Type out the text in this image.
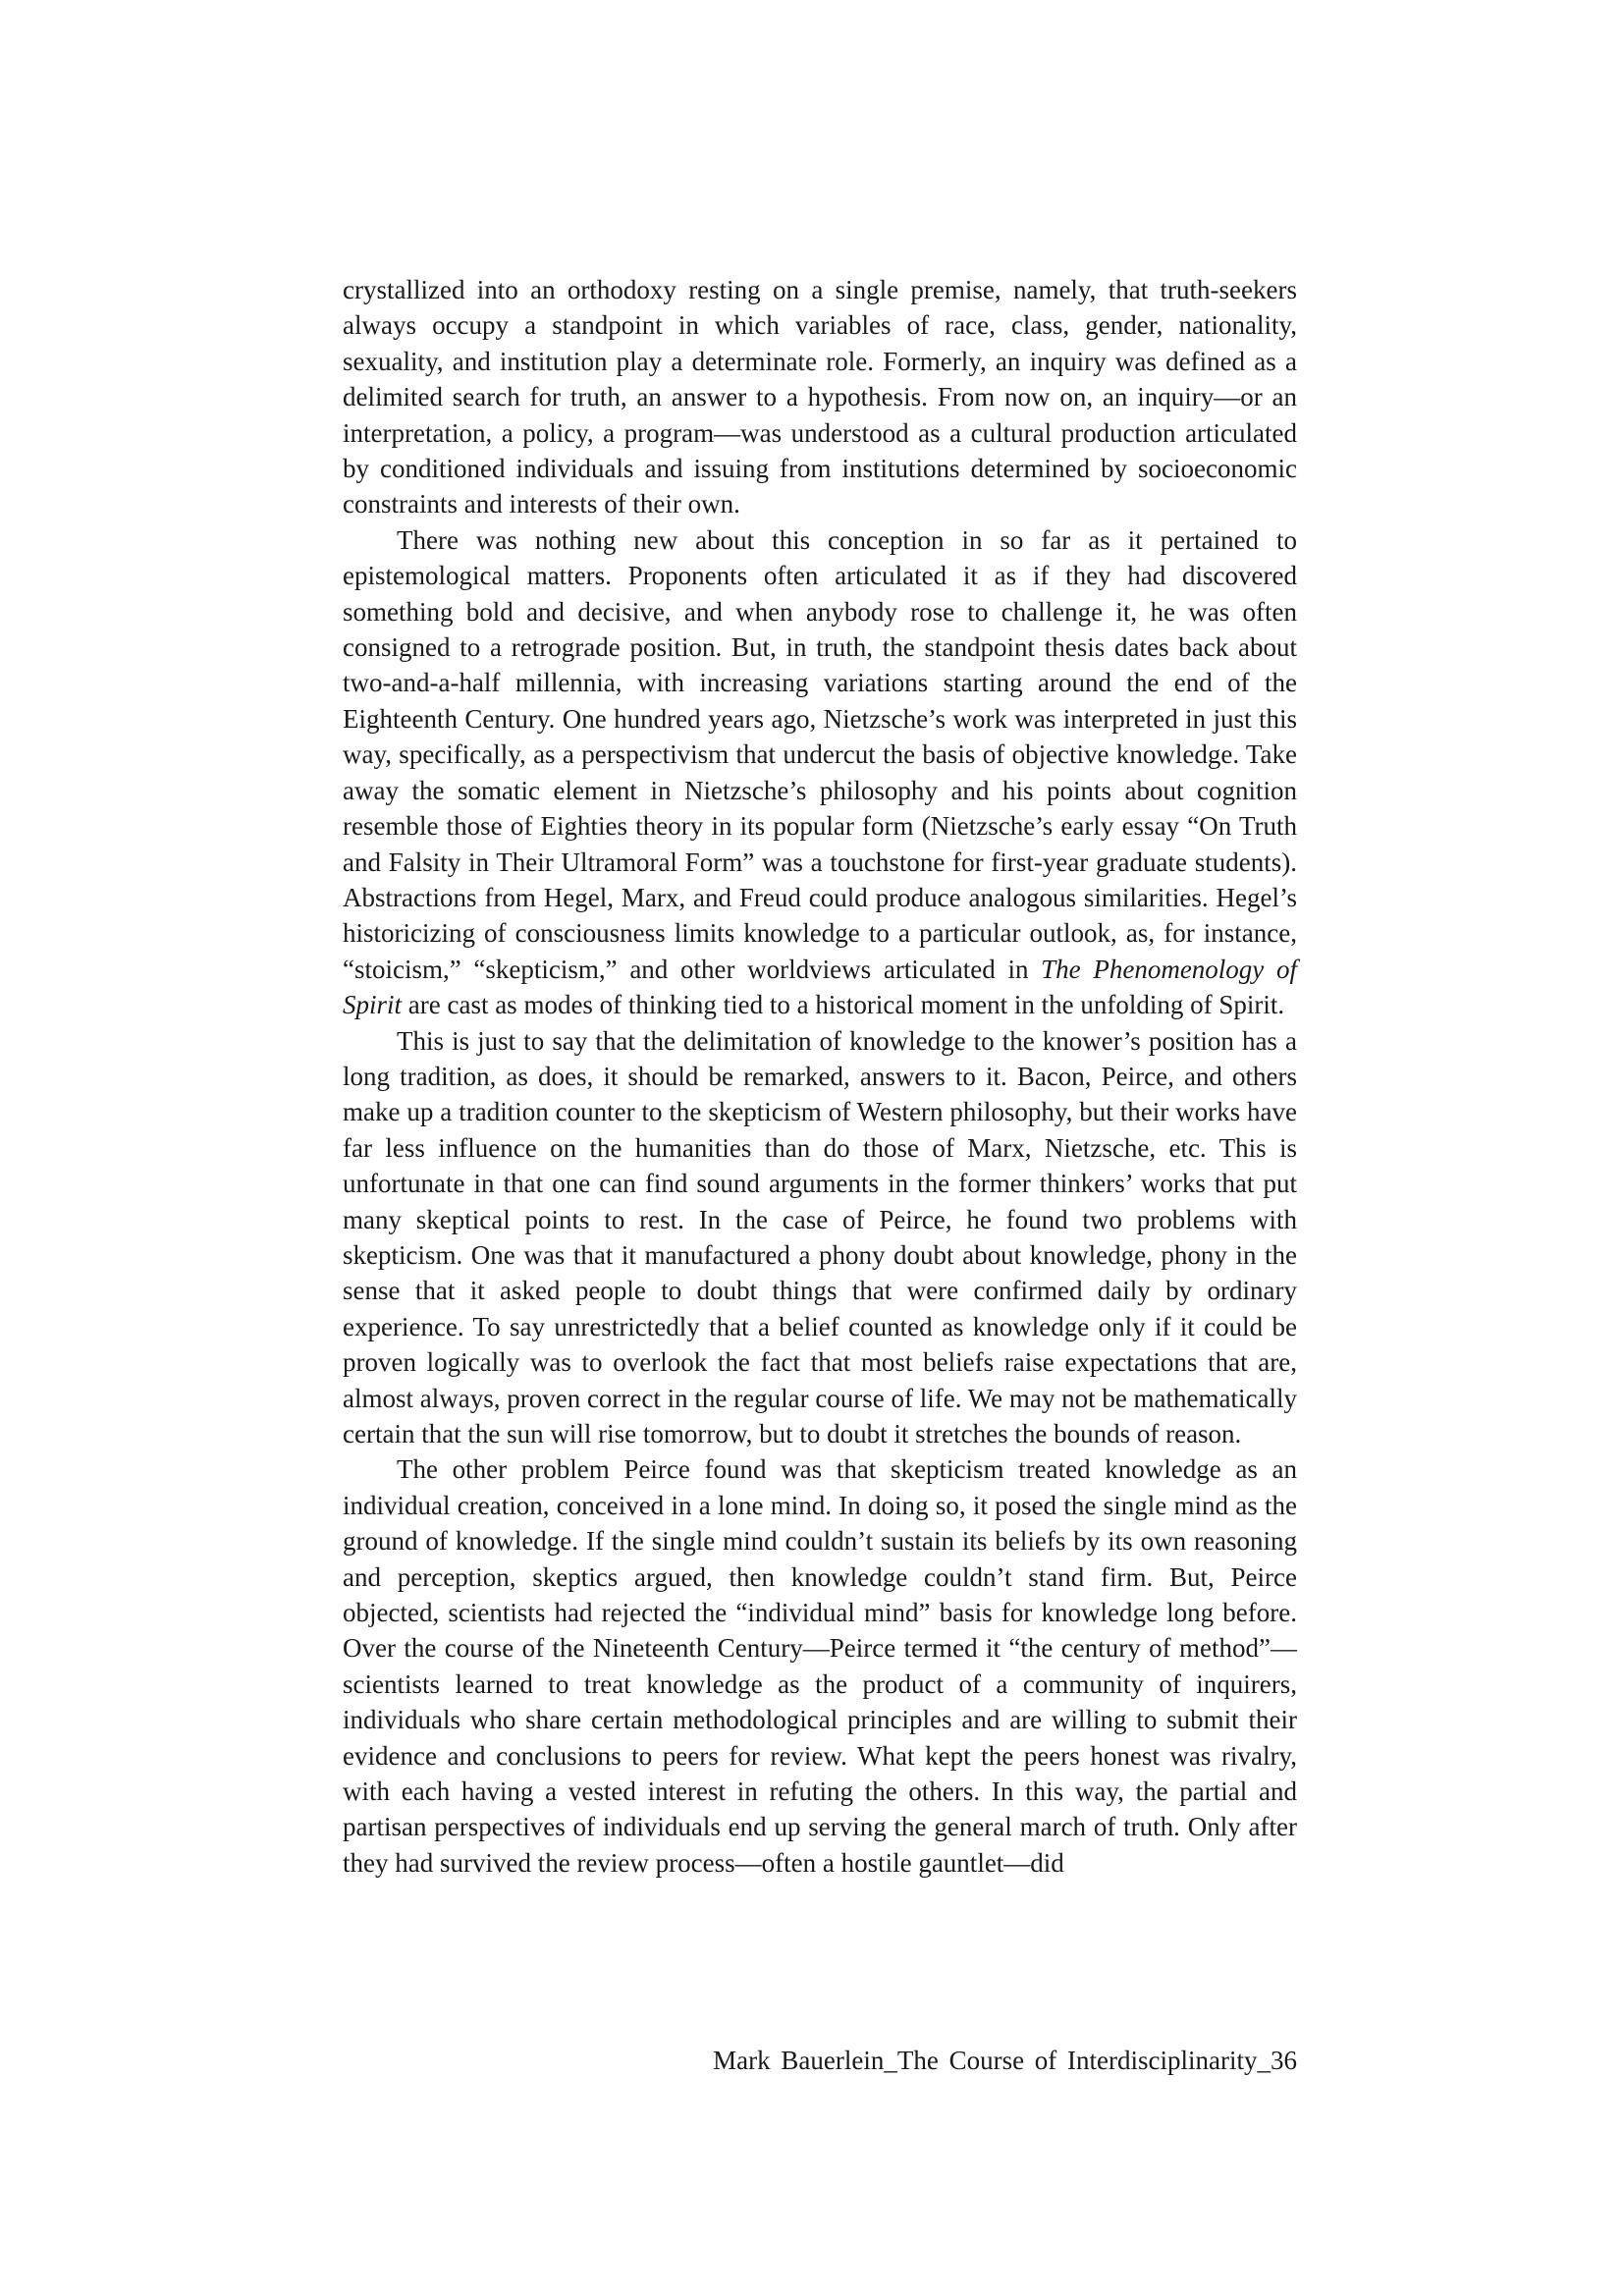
crystallized into an orthodoxy resting on a single premise, namely, that truth-seekers always occupy a standpoint in which variables of race, class, gender, nationality, sexuality, and institution play a determinate role. Formerly, an inquiry was defined as a delimited search for truth, an answer to a hypothesis. From now on, an inquiry—or an interpretation, a policy, a program—was understood as a cultural production articulated by conditioned individuals and issuing from institutions determined by socioeconomic constraints and interests of their own.

There was nothing new about this conception in so far as it pertained to epistemological matters. Proponents often articulated it as if they had discovered something bold and decisive, and when anybody rose to challenge it, he was often consigned to a retrograde position. But, in truth, the standpoint thesis dates back about two-and-a-half millennia, with increasing variations starting around the end of the Eighteenth Century. One hundred years ago, Nietzsche’s work was interpreted in just this way, specifically, as a perspectivism that undercut the basis of objective knowledge. Take away the somatic element in Nietzsche’s philosophy and his points about cognition resemble those of Eighties theory in its popular form (Nietzsche’s early essay “On Truth and Falsity in Their Ultramoral Form” was a touchstone for first-year graduate students). Abstractions from Hegel, Marx, and Freud could produce analogous similarities. Hegel’s historicizing of consciousness limits knowledge to a particular outlook, as, for instance, “stoicism,” “skepticism,” and other worldviews articulated in The Phenomenology of Spirit are cast as modes of thinking tied to a historical moment in the unfolding of Spirit.

This is just to say that the delimitation of knowledge to the knower’s position has a long tradition, as does, it should be remarked, answers to it. Bacon, Peirce, and others make up a tradition counter to the skepticism of Western philosophy, but their works have far less influence on the humanities than do those of Marx, Nietzsche, etc. This is unfortunate in that one can find sound arguments in the former thinkers’ works that put many skeptical points to rest. In the case of Peirce, he found two problems with skepticism. One was that it manufactured a phony doubt about knowledge, phony in the sense that it asked people to doubt things that were confirmed daily by ordinary experience. To say unrestrictedly that a belief counted as knowledge only if it could be proven logically was to overlook the fact that most beliefs raise expectations that are, almost always, proven correct in the regular course of life. We may not be mathematically certain that the sun will rise tomorrow, but to doubt it stretches the bounds of reason.

The other problem Peirce found was that skepticism treated knowledge as an individual creation, conceived in a lone mind. In doing so, it posed the single mind as the ground of knowledge. If the single mind couldn’t sustain its beliefs by its own reasoning and perception, skeptics argued, then knowledge couldn’t stand firm. But, Peirce objected, scientists had rejected the “individual mind” basis for knowledge long before. Over the course of the Nineteenth Century—Peirce termed it “the century of method”—scientists learned to treat knowledge as the product of a community of inquirers, individuals who share certain methodological principles and are willing to submit their evidence and conclusions to peers for review. What kept the peers honest was rivalry, with each having a vested interest in refuting the others. In this way, the partial and partisan perspectives of individuals end up serving the general march of truth. Only after they had survived the review process—often a hostile gauntlet—did

Mark Bauerlein_The Course of Interdisciplinarity_36
